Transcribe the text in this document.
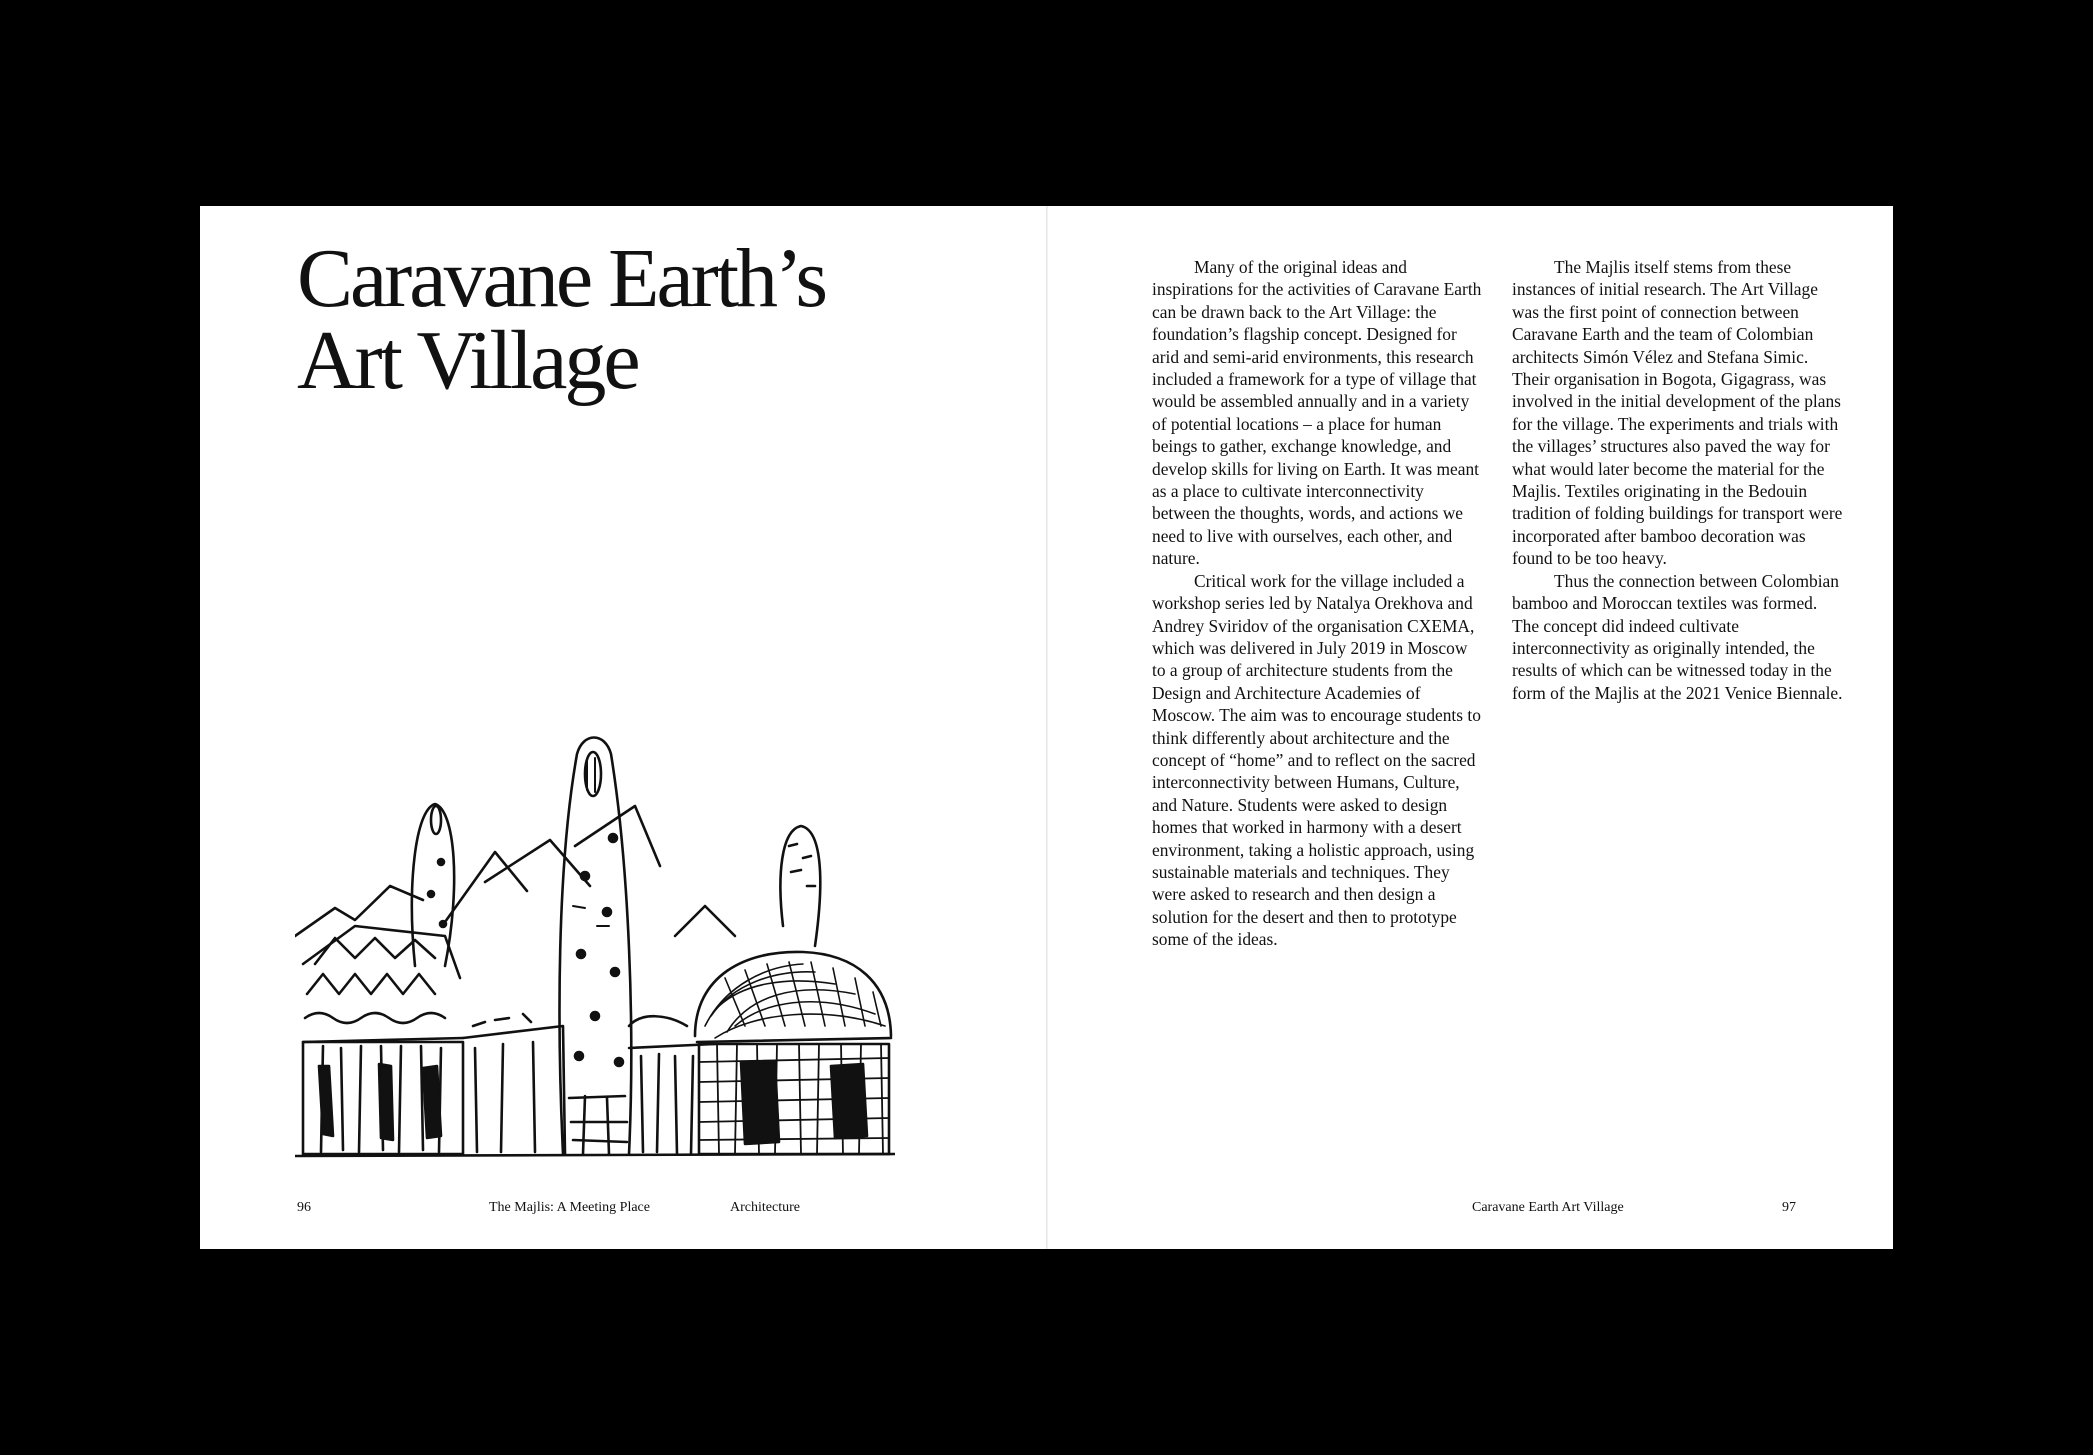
Caravane Earth’s
Art Village
96	The Majlis: A Meeting Place	Architecture

Many of the original ideas and inspirations for the activities of Caravane Earth can be drawn back to the Art Village: the foundation’s flagship concept. Designed for arid and semi-arid environments, this research included a framework for a type of village that would be assembled annually and in a variety of potential locations – a place for human beings to gather, exchange knowledge, and develop skills for living on Earth. It was meant as a place to cultivate interconnectivity between the thoughts, words, and actions we need to live with ourselves, each other, and nature.

Critical work for the village included a workshop series led by Natalya Orekhova and Andrey Sviridov of the organisation CXEMA, which was delivered in July 2019 in Moscow to a group of architecture students from the Design and Architecture Academies of Moscow. The aim was to encourage students to think differently about architecture and the concept of “home” and to reflect on the sacred interconnectivity between Humans, Culture, and Nature. Students were asked to design homes that worked in harmony with a desert environment, taking a holistic approach, using sustainable materials and techniques. They were asked to research and then design a solution for the desert and then to prototype some of the ideas.

The Majlis itself stems from these instances of initial research. The Art Village was the first point of connection between Caravane Earth and the team of Colombian architects Simón Vélez and Stefana Simic. Their organisation in Bogota, Gigagrass, was involved in the initial development of the plans for the village. The experiments and trials with the villages’ structures also paved the way for what would later become the material for the Majlis. Textiles originating in the Bedouin tradition of folding buildings for transport were incorporated after bamboo decoration was found to be too heavy.

Thus the connection between Colombian bamboo and Moroccan textiles was formed. The concept did indeed cultivate interconnectivity as originally intended, the results of which can be witnessed today in the form of the Majlis at the 2021 Venice Biennale.

Caravane Earth Art Village	97
